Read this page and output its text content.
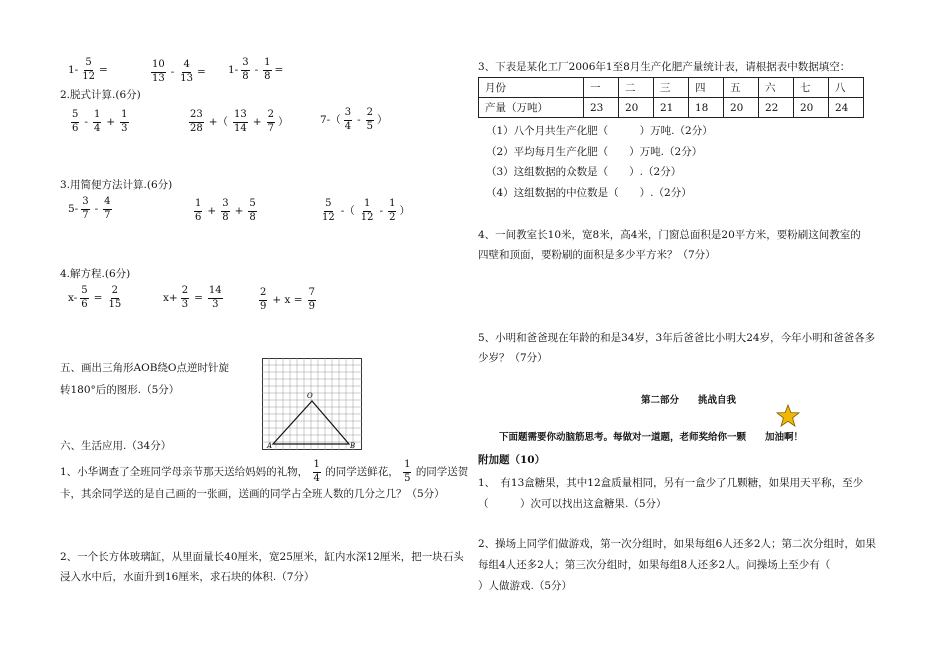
$1- \frac{5}{12}$ =	$\frac{10}{13} - \frac{4}{13} = 1- \frac{3}{8} - \frac{1}{8}$ =
2.脱式计算.(6分)
$\frac{5}{6} - \frac{1}{4} + \frac{1}{3}$	$\frac{23}{28}$ +（ $\frac{13}{14} + \frac{2}{7}$ ）	$7-( \frac{3}{4} - \frac{2}{5}$ ）
3.用简便方法计算.(6分)
$5- \frac{3}{7} - \frac{4}{7}$	$\frac{1}{6} + \frac{3}{8} + \frac{5}{8}$	$\frac{5}{12}$ -（ $\frac{1}{12} - \frac{1}{2}$ ）
4.解方程.(6分)
$x- \frac{5}{6} = \frac{2}{15}$	$x+ \frac{2}{3} = \frac{14}{3}$	$\frac{2}{9} + x = \frac{7}{9}$
五、画出三角形AOB绕O点逆时针旋
转180°后的图形.（5分）	O
A	B
六、生活应用.（34分）
1、小华调查了全班同学母亲节那天送给妈妈的礼物， $\frac{1}{4}$ 的同学送鲜花， $\frac{1}{5}$ 的同学送贺
卡，其余同学送的是自己画的一张画，送画的同学占全班人数的几分之几？（5分）
2、一个长方体玻璃缸，从里面量长40厘米，宽25厘米，缸内水深12厘米，把一块石头
浸入水中后，水面升到16厘米，求石块的体积.（7分）
3、下表是某化工厂2006年1至8月生产化肥产量统计表，请根据表中数据填空：
月份	一	二	三	四	五	六	七	八
产量（万吨）	23	20	21	18	20	22	20	24
（1）八个月共生产化肥（　　　）万吨.（2分）
（2）平均每月生产化肥（　　）万吨.（2分）
（3）这组数据的众数是（　　）.（2分）
（4）这组数据的中位数是（　　）.（2分）
4、一间教室长10米，宽8米，高4米，门窗总面积是20平方米，要粉刷这间教室的
四壁和顶面，要粉刷的面积是多少平方米？（7分）
5、小明和爸爸现在年龄的和是34岁，3年后爸爸比小明大24岁，今年小明和爸爸各多
少岁？（7分）
第二部分　　挑战自我
下面题需要你动脑筋思考。每做对一道题，老师奖给你一颗　　加油啊！
附加题（10）
1、　有13盒糖果，其中12盒质量相同，另有一盒少了几颗糖，如果用天平称，至少
（　　　）次可以找出这盒糖果.（5分）
2、操场上同学们做游戏，第一次分组时，如果每组6人还多2人；第二次分组时，如果
每组4人还多2人；第三次分组时，如果每组8人还多2人。问操场上至少有（
）人做游戏.（5分）
